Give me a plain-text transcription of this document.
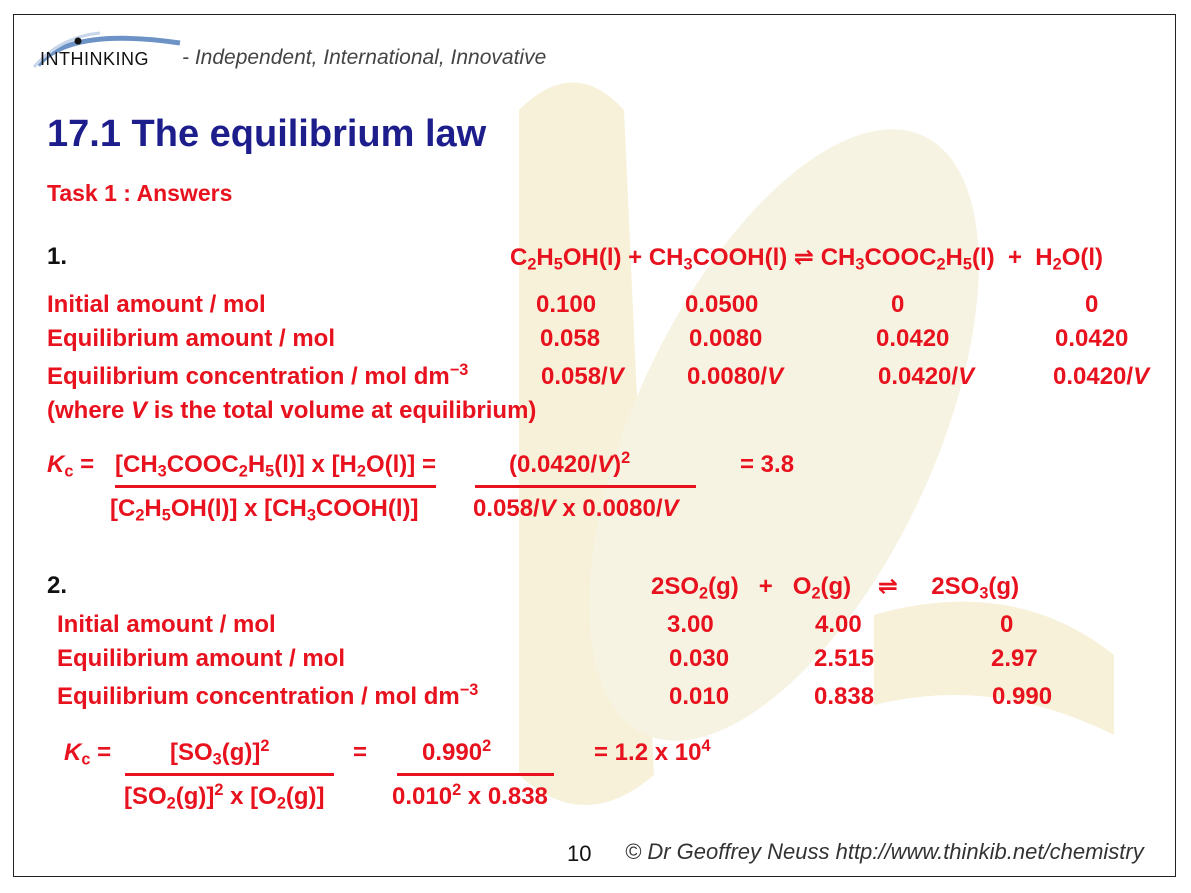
INTHINKING - Independent, International, Innovative
17.1 The equilibrium law
Task 1 : Answers
1.	$C_2H_5OH(l)$ + $CH_3COOH(l)$ ⇌ $CH_3COOC_2H_5(l) + H_2O(l)$
Initial amount / mol	0.100	0.0500	0	0
Equilibrium amount / mol	0.058	0.0080	0.0420	0.0420
Equilibrium concentration / mol $dm^{-3}$	0.058/V	0.0080/V	0.0420/V	0.0420/V
(where V is the total volume at equilibrium)
$K_c$ = $[CH_3COOC_2H_5(l)]$ x $[H_2O(l)]$ =
$[C_2H_5OH(l)]$ x $[CH_3COOH(l)]$
$(0.0420/V)^2$
0.058/V x 0.0080/V
= 3.8
2.	$2SO_2(g) + O_2(g)$    ⇌     $2SO_3(g)$
Initial amount / mol	3.00	4.00	0
Equilibrium amount / mol	0.030	2.515	2.97
Equilibrium concentration / mol $dm^{-3}$	0.010	0.838	0.990
$K_c = [SO_3(g)]^2$
$[SO_2(g)]^2$ x $[O_2(g)]$
= $0.990^2$
0.010$^2$ x 0.838
= 1.2 x $10^4$
10 © Dr Geoffrey Neuss http://www.thinkib.net/chemistry
